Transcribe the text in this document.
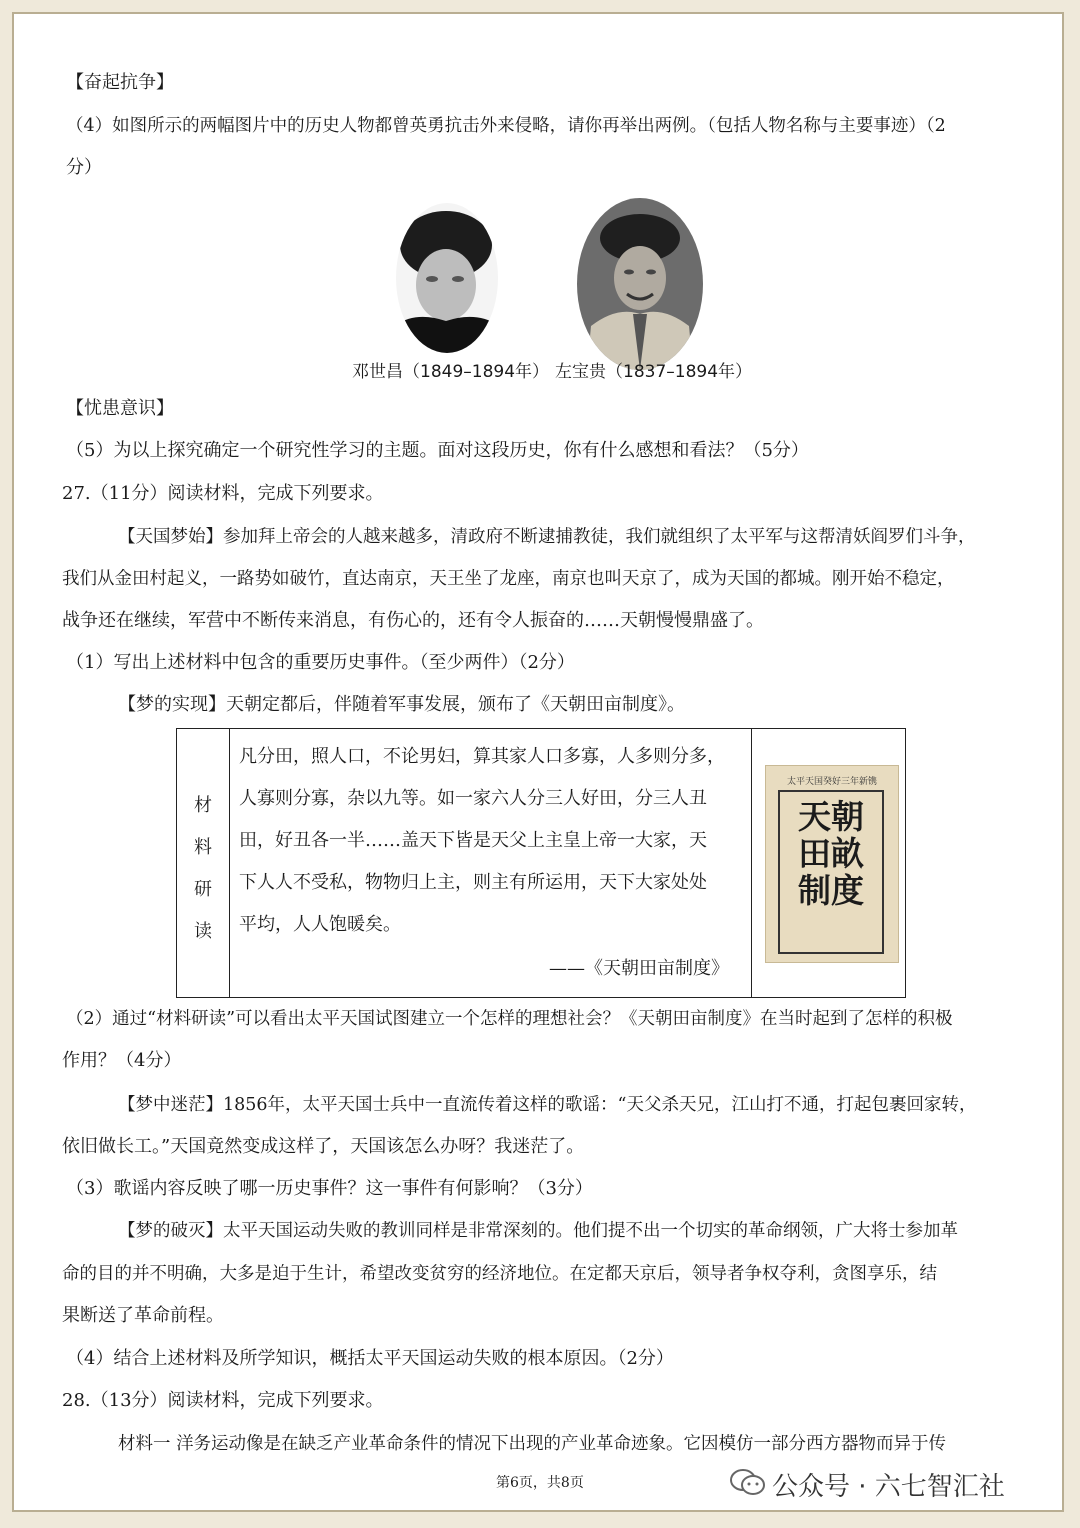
【奋起抗争】
（4）如图所示的两幅图片中的历史人物都曾英勇抗击外来侵略，请你再举出两例。（包括人物名称与主要事迹）（2
分）
邓世昌（1849–1894年） 左宝贵（1837–1894年）
【忧患意识】
（5）为以上探究确定一个研究性学习的主题。面对这段历史，你有什么感想和看法？（5分）
27.（11分）阅读材料，完成下列要求。
【天国梦始】参加拜上帝会的人越来越多，清政府不断逮捕教徒，我们就组织了太平军与这帮清妖阎罗们斗争，
我们从金田村起义，一路势如破竹，直达南京，天王坐了龙座，南京也叫天京了，成为天国的都城。刚开始不稳定，
战争还在继续，军营中不断传来消息，有伤心的，还有令人振奋的……天朝慢慢鼎盛了。
（1）写出上述材料中包含的重要历史事件。（至少两件）（2分）
【梦的实现】天朝定都后，伴随着军事发展，颁布了《天朝田亩制度》。
材
料
研
读
凡分田，照人口，不论男妇，算其家人口多寡，人多则分多，
人寡则分寡，杂以九等。如一家六人分三人好田，分三人丑
田，好丑各一半……盖天下皆是天父上主皇上帝一大家，天
下人人不受私，物物归上主，则主有所运用，天下大家处处
平均，人人饱暖矣。
——《天朝田亩制度》
太平天国癸好三年新镌
天 朝
田 畝
制 度
（2）通过“材料研读”可以看出太平天国试图建立一个怎样的理想社会？《天朝田亩制度》在当时起到了怎样的积极
作用？（4分）
【梦中迷茫】1856年，太平天国士兵中一直流传着这样的歌谣：“天父杀天兄，江山打不通，打起包裹回家转，
依旧做长工。”天国竟然变成这样了，天国该怎么办呀？我迷茫了。
（3）歌谣内容反映了哪一历史事件？这一事件有何影响？（3分）
【梦的破灭】太平天国运动失败的教训同样是非常深刻的。他们提不出一个切实的革命纲领，广大将士参加革
命的目的并不明确，大多是迫于生计，希望改变贫穷的经济地位。在定都天京后，领导者争权夺利，贪图享乐，结
果断送了革命前程。
（4）结合上述材料及所学知识，概括太平天国运动失败的根本原因。（2分）
28.（13分）阅读材料，完成下列要求。
材料一 洋务运动像是在缺乏产业革命条件的情况下出现的产业革命迹象。它因模仿一部分西方器物而异于传
第6页，共8页	公众号 · 六七智汇社
